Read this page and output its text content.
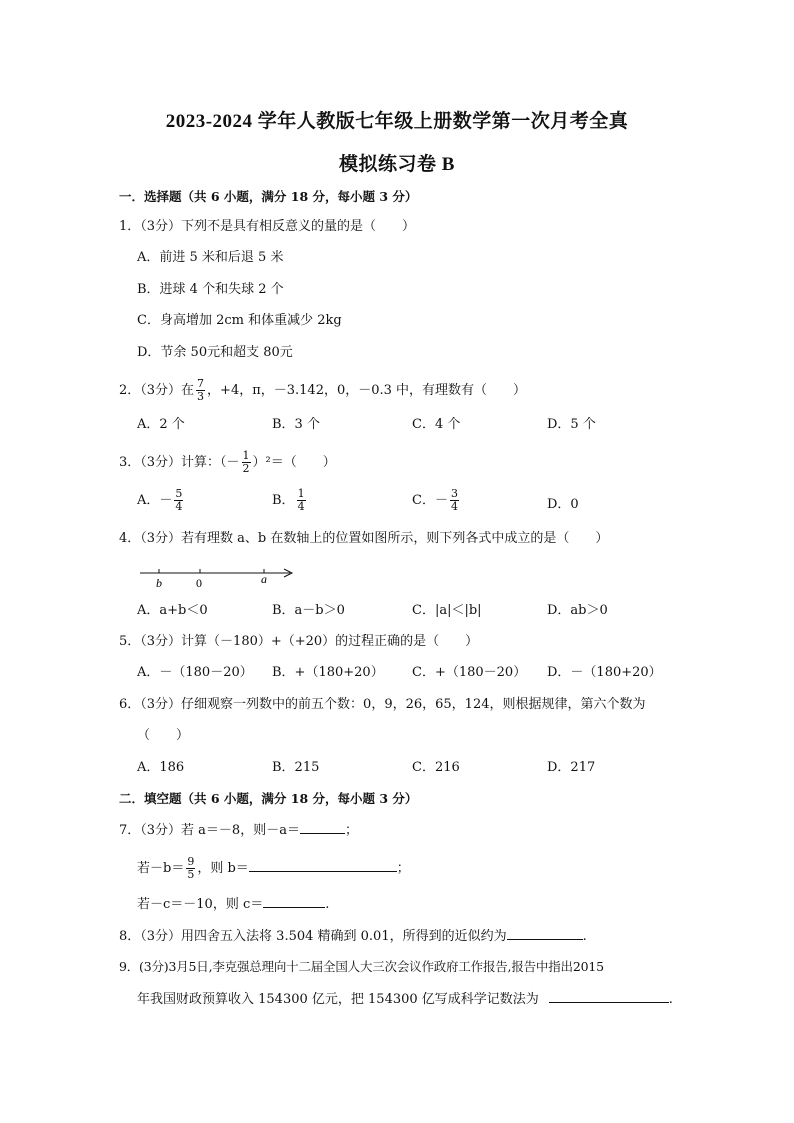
2023-2024 学年人教版七年级上册数学第一次月考全真
模拟练习卷 B
一．选择题（共 6 小题，满分 18 分，每小题 3 分）
1．（3分）下列不是具有相反意义的量的是（　　）
A．前进 5 米和后退 5 米
B．进球 4 个和失球 2 个
C．身高增加 2cm 和体重减少 2kg
D．节余 50元和超支 80元
2．（3分）在 $\frac{7}{3}$ ，+4，π，－3.142，0，－0.3 中，有理数有（　　）
A．2 个	B．3 个	C．4 个	D．5 个
3．（3分）计算：（－ $\frac{1}{2} )^2=$（　　）
A．－ $\frac{5}{4}$	B． $\frac{1}{4}$	C．－ $\frac{3}{4}$	D．0
4．（3分）若有理数 a、b 在数轴上的位置如图所示，则下列各式中成立的是（　　）
b	0	a
A．a+b＜0	B．a－b＞0	C．|a|＜|b|	D．ab＞0
5．（3分）计算（－180）+（+20）的过程正确的是（　　）
A．－（180－20） B．+（180+20） C．+（180－20） D．－（180+20）
6．（3分）仔细观察一列数中的前五个数：0，9，26，65，124，则根据规律，第六个数为
（　　）
A．186	B．215	C．216	D．217
二．填空题（共 6 小题，满分 18 分，每小题 3 分）
7．（3分）若 a＝－8，则－a＝	；
若$-b= \frac{9}{5}$ ，则 b＝	；
若－c＝－10，则 c＝	.
8．（3分）用四舍五入法将 3.504 精确到 0.01，所得到的近似约为	.
9．(3分)3月5日,李克强总理向十二届全国人大三次会议作政府工作报告,报告中指出2015
年我国财政预算收入 154300 亿元，把 154300 亿写成科学记数法为	.
